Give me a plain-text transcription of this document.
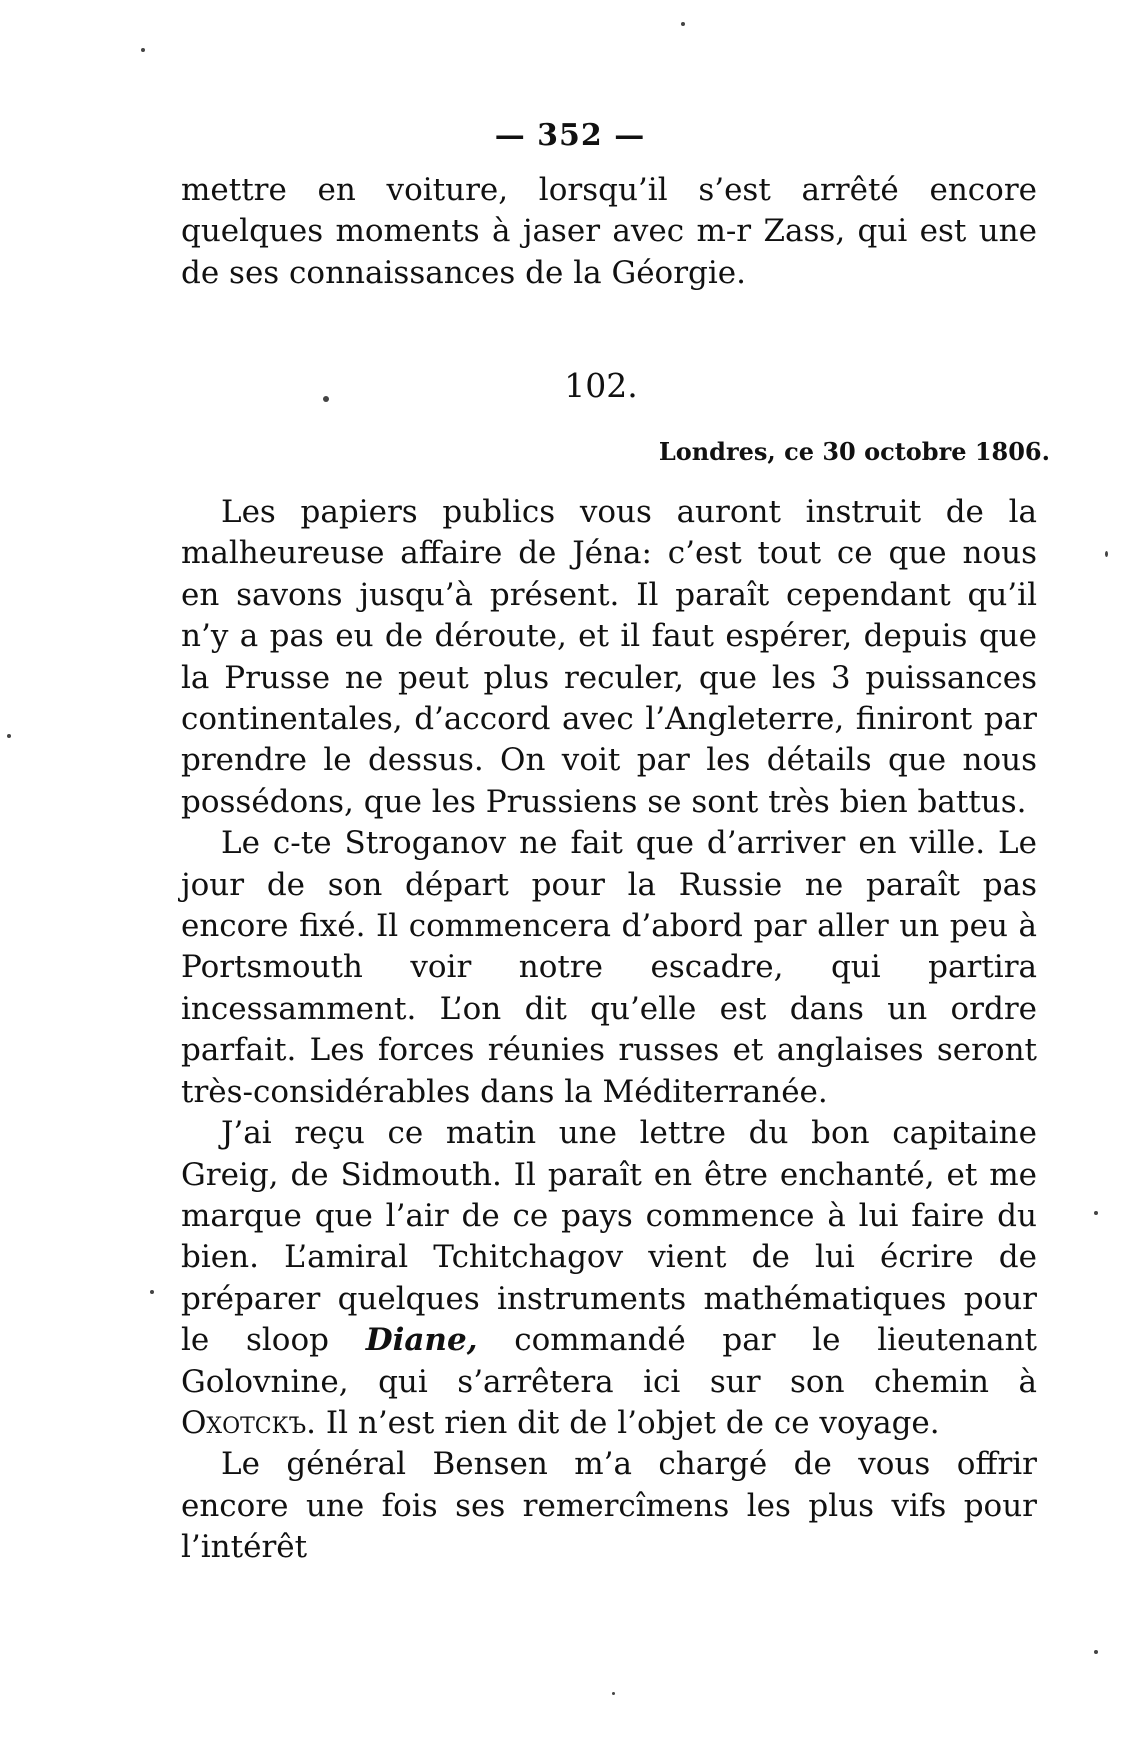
— 352 —

mettre en voiture, lorsqu’il s’est arrêté encore quelques moments à jaser avec m-r Zass, qui est une de ses connaissances de la Géorgie.

102.
Londres, ce 30 octobre 1806.

Les papiers publics vous auront instruit de la malheureuse affaire de Jéna: c’est tout ce que nous en savons jusqu’à présent. Il paraît cependant qu’il n’y a pas eu de déroute, et il faut espérer, depuis que la Prusse ne peut plus reculer, que les 3 puissances continentales, d’accord avec l’Angleterre, finiront par prendre le dessus. On voit par les détails que nous possédons, que les Prussiens se sont très bien battus.

Le c-te Stroganov ne fait que d’arriver en ville. Le jour de son départ pour la Russie ne paraît pas encore fixé. Il commencera d’abord par aller un peu à Portsmouth voir notre escadre, qui partira incessamment. L’on dit qu’elle est dans un ordre parfait. Les forces réunies russes et anglaises seront très-considérables dans la Méditerranée.

J’ai reçu ce matin une lettre du bon capitaine Greig, de Sidmouth. Il paraît en être enchanté, et me marque que l’air de ce pays commence à lui faire du bien. L’amiral Tchitchagov vient de lui écrire de préparer quelques instruments mathématiques pour le sloop Diane, commandé par le lieutenant Golovnine, qui s’arrêtera ici sur son chemin à Охотскъ. Il n’est rien dit de l’objet de ce voyage.

Le général Bensen m’a chargé de vous offrir encore une fois ses remercîmens les plus vifs pour l’intérêt
